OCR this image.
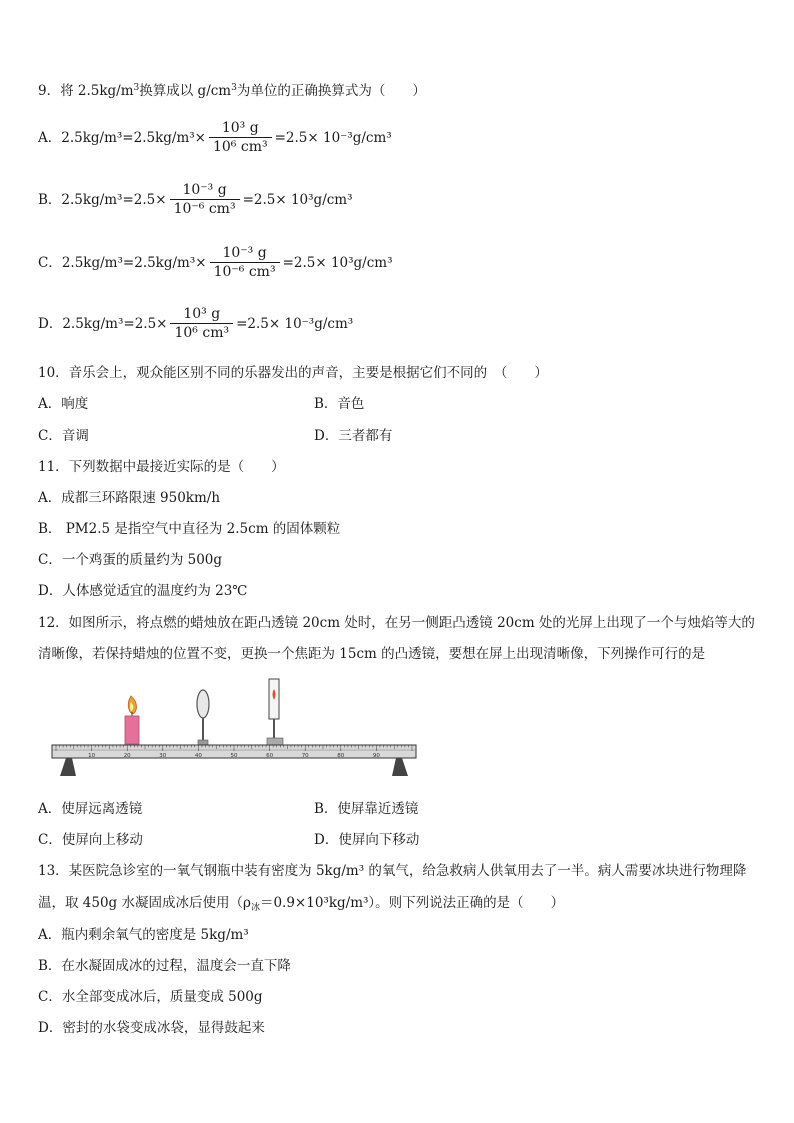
9．将 $2.5kg/m^3$换算成以 $g/cm^3$为单位的正确换算式为（　　）
A．$2.5kg/m^3=2.5kg/m^3\times \frac{\text{10³ g}}{\text{10⁶ cm³}} =2.5\times 10^{-3}g/cm^3$
B．$2.5kg/m^3=2.5\times \frac{\text{10⁻³ g}}{\text{10⁻⁶ cm³}} =2.5\times 10^3g/cm^3$
C．$2.5kg/m^3=2.5kg/m^3\times \frac{\text{10⁻³ g}}{\text{10⁻⁶ cm³}} =2.5\times 10^3g/cm^3$
D．$2.5kg/m^3=2.5\times \frac{\text{10³ g}}{\text{10⁶ cm³}} =2.5\times 10^{-3}g/cm^3$
10．音乐会上，观众能区别不同的乐器发出的声音，主要是根据它们不同的　（　　）
A．响度	B．音色
C．音调	D．三者都有
11．下列数据中最接近实际的是（　　）
A．成都三环路限速 950km/h
B． PM2.5 是指空气中直径为 2.5cm 的固体颗粒
C．一个鸡蛋的质量约为 500g
D．人体感觉适宜的温度约为 23℃
12．如图所示，将点燃的蜡烛放在距凸透镜 20cm 处时，在另一侧距凸透镜 20cm 处的光屏上出现了一个与烛焰等大的
清晰像，若保持蜡烛的位置不变，更换一个焦距为 15cm 的凸透镜，要想在屏上出现清晰像，下列操作可行的是
10	20	30	40	50	60	70	80	90
A．使屏远离透镜	B．使屏靠近透镜
C．使屏向上移动	D．使屏向下移动
13．某医院急诊室的一氧气钢瓶中装有密度为 5kg/m³ 的氧气，给急救病人供氧用去了一半。病人需要冰块进行物理降
温，取 450g 水凝固成冰后使用$(\rho_冰=0.9\times 10^3kg/m^3)$。则下列说法正确的是（　　）
A．瓶内剩余氧气的密度是 5kg/m³
B．在水凝固成冰的过程，温度会一直下降
C．水全部变成冰后，质量变成 500g
D．密封的水袋变成冰袋，显得鼓起来
